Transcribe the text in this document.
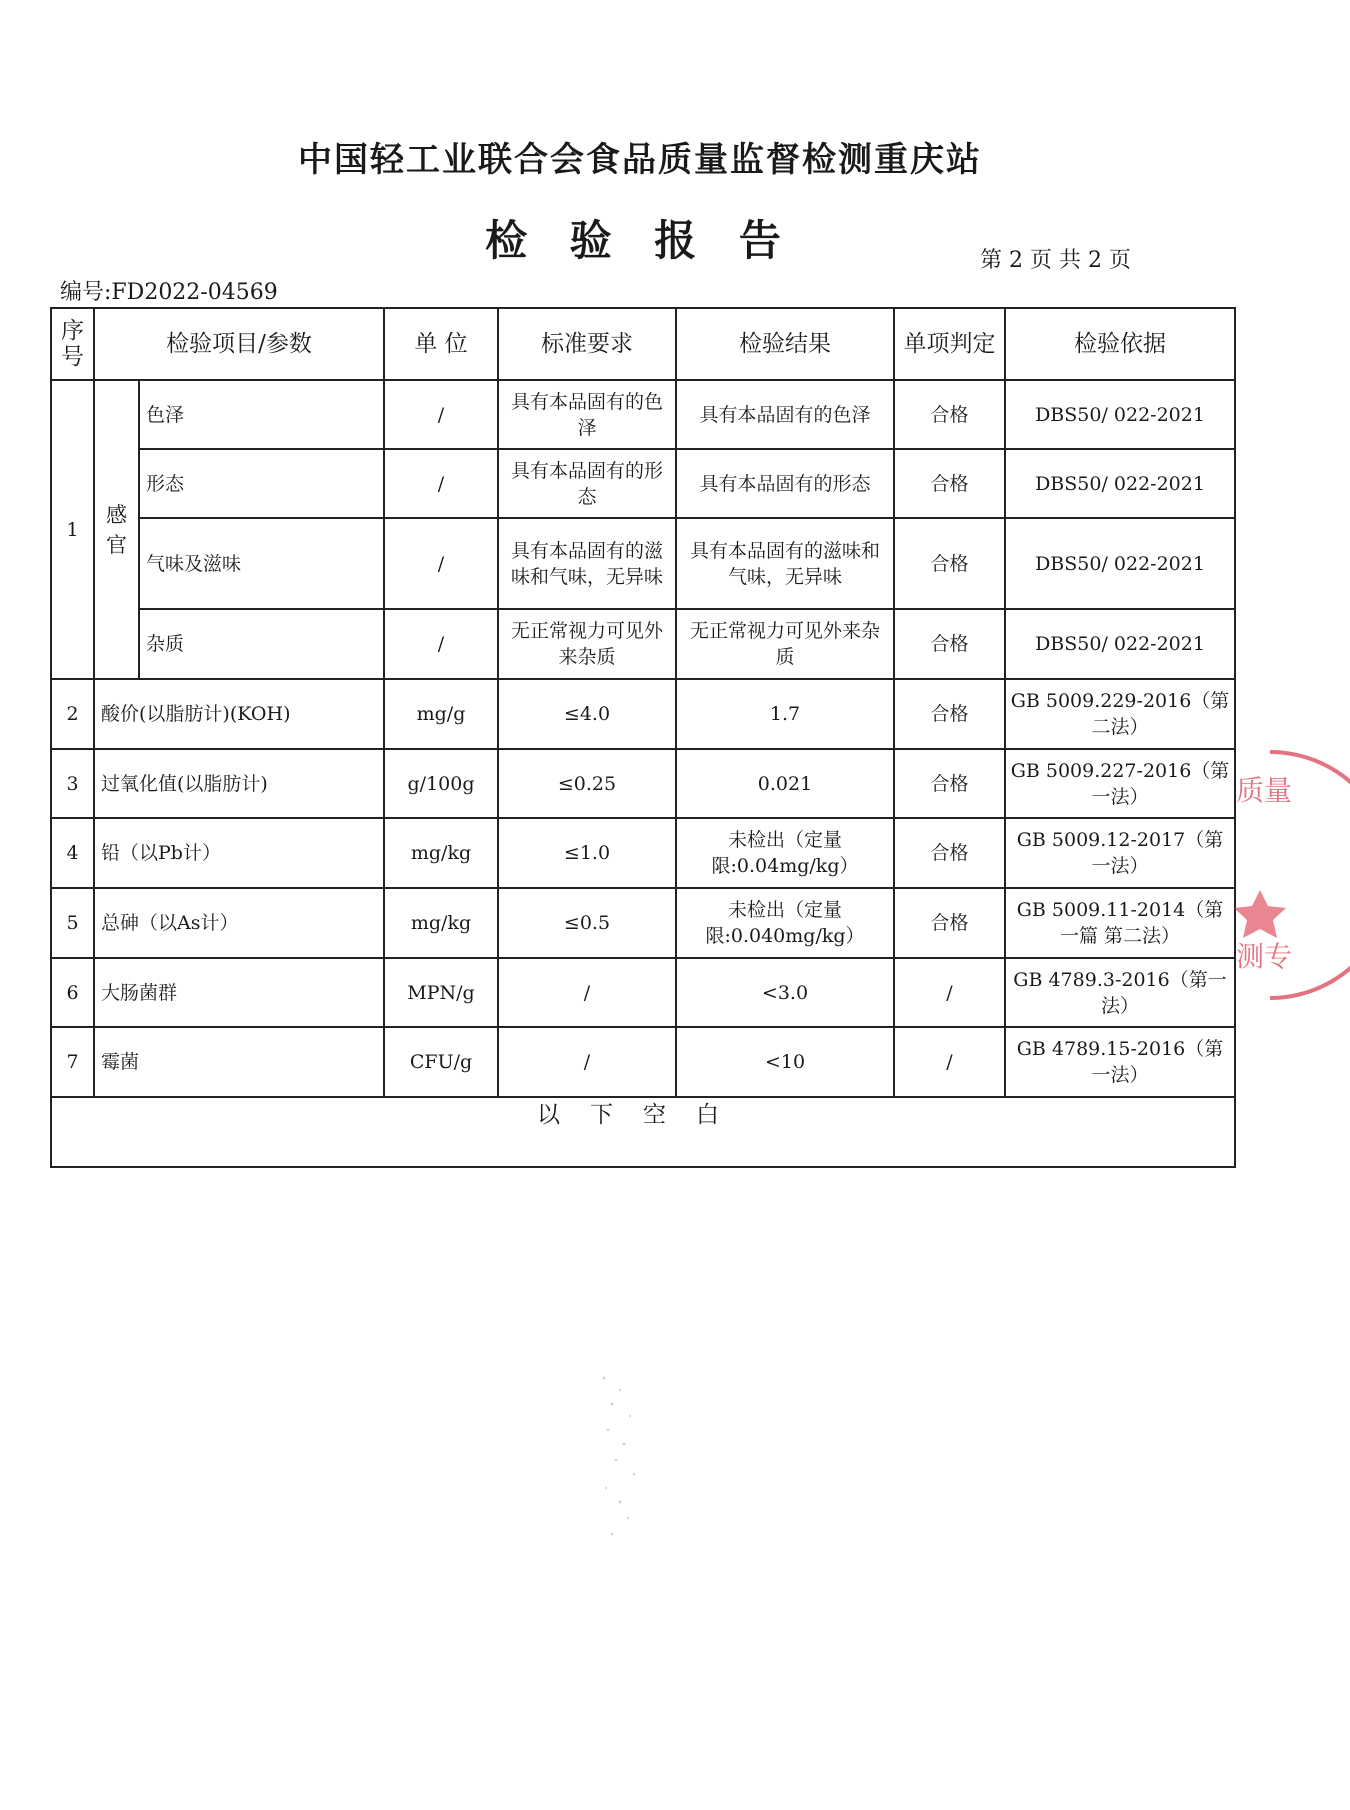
中国轻工业联合会食品质量监督检测重庆站
检 验 报 告	第 2 页 共 2 页
编号:FD2022-04569
序号	检验项目/参数		单 位	标准要求	检验结果	单项判定	检验依据
1	感官	色泽	/	具有本品固有的色泽	具有本品固有的色泽	合格	DBS50/ 022-2021
		形态	/	具有本品固有的形态	具有本品固有的形态	合格	DBS50/ 022-2021
		气味及滋味	/	具有本品固有的滋味和气味，无异味	具有本品固有的滋味和气味，无异味	合格	DBS50/ 022-2021
		杂质	/	无正常视力可见外来杂质	无正常视力可见外来杂质	合格	DBS50/ 022-2021
2	酸价(以脂肪计)(KOH)		mg/g	≤4.0	1.7	合格	GB 5009.229-2016（第二法）
3	过氧化值(以脂肪计)		g/100g	≤0.25	0.021	合格	GB 5009.227-2016（第一法）
4	铅（以Pb计）		mg/kg	≤1.0	未检出（定量限:0.04mg/kg）	合格	GB 5009.12-2017（第一法）
5	总砷（以As计）		mg/kg	≤0.5	未检出（定量限:0.040mg/kg）	合格	GB 5009.11-2014（第一篇 第二法）
6	大肠菌群		MPN/g	/	<3.0	/	GB 4789.3-2016（第一法）
7	霉菌		CFU/g	/	<10	/	GB 4789.15-2016（第一法）
以下空白							
质量
测专
